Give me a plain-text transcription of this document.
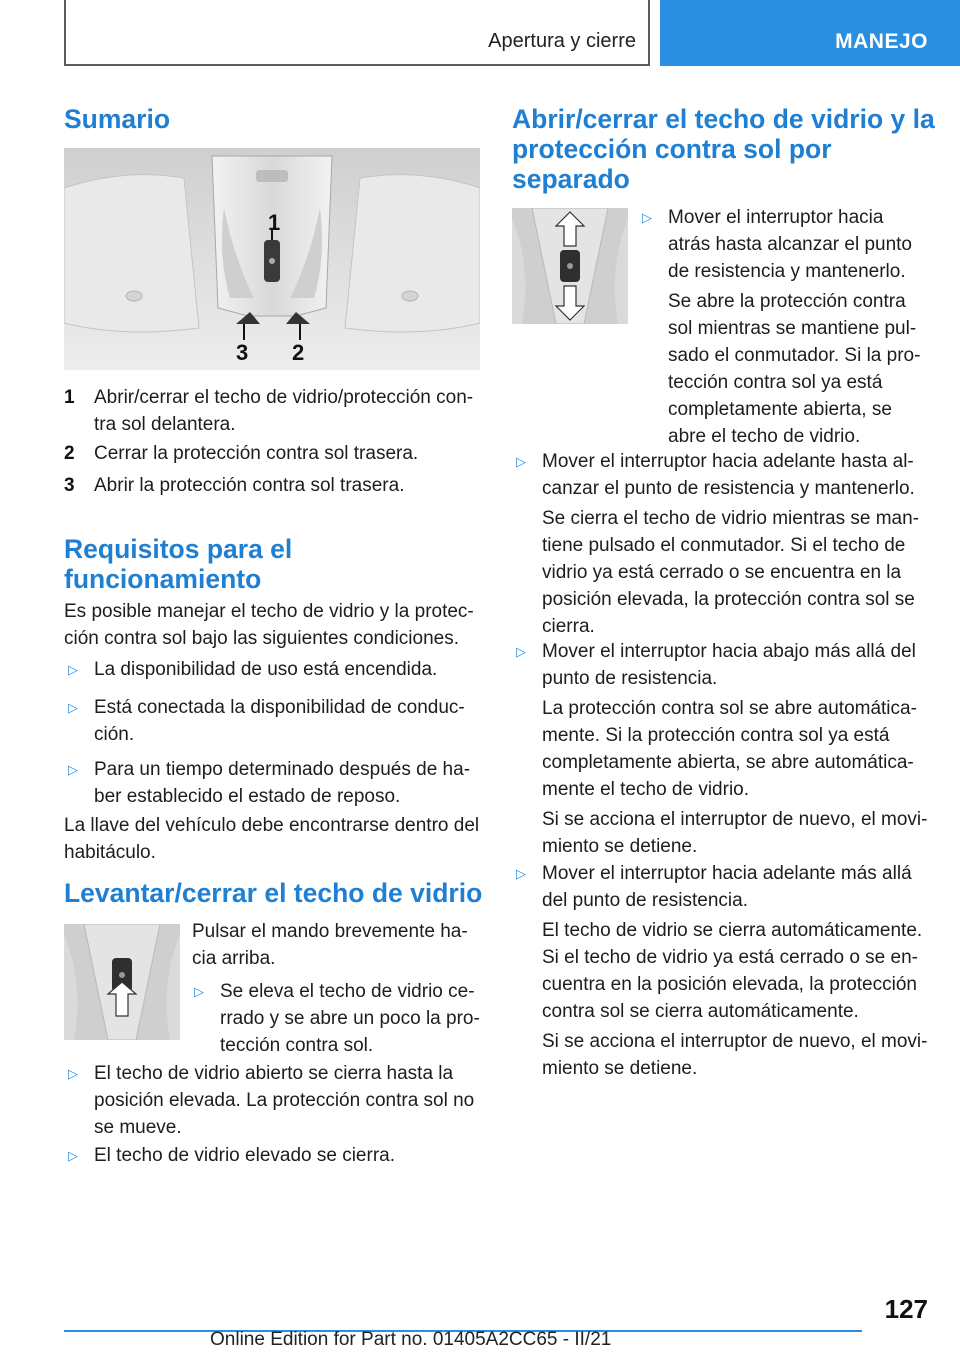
Apertura y cierre	MANEJO
Sumario
1
2
3
1 Abrir/cerrar el techo de vidrio/protección con-
tra sol delantera.
2 Cerrar la protección contra sol trasera.
3 Abrir la protección contra sol trasera.
Requisitos para el
funcionamiento
Es posible manejar el techo de vidrio y la protec-
ción contra sol bajo las siguientes condiciones.
▷ La disponibilidad de uso está encendida.
▷ Está conectada la disponibilidad de conduc-
ción.
▷ Para un tiempo determinado después de ha-
ber establecido el estado de reposo.
La llave del vehículo debe encontrarse dentro del
habitáculo.
Levantar/cerrar el techo de vidrio
Pulsar el mando brevemente ha-
cia arriba.
▷ Se eleva el techo de vidrio ce-
rrado y se abre un poco la pro-
tección contra sol.
▷ El techo de vidrio abierto se cierra hasta la
posición elevada. La protección contra sol no
se mueve.
▷ El techo de vidrio elevado se cierra.
Abrir/cerrar el techo de vidrio y la
protección contra sol por
separado
▷ Mover el interruptor hacia
atrás hasta alcanzar el punto
de resistencia y mantenerlo.
Se abre la protección contra
sol mientras se mantiene pul-
sado el conmutador. Si la pro-
tección contra sol ya está
completamente abierta, se
abre el techo de vidrio.
▷ Mover el interruptor hacia adelante hasta al-
canzar el punto de resistencia y mantenerlo.
Se cierra el techo de vidrio mientras se man-
tiene pulsado el conmutador. Si el techo de
vidrio ya está cerrado o se encuentra en la
posición elevada, la protección contra sol se
cierra.
▷ Mover el interruptor hacia abajo más allá del
punto de resistencia.
La protección contra sol se abre automática-
mente. Si la protección contra sol ya está
completamente abierta, se abre automática-
mente el techo de vidrio.
Si se acciona el interruptor de nuevo, el movi-
miento se detiene.
▷ Mover el interruptor hacia adelante más allá
del punto de resistencia.
El techo de vidrio se cierra automáticamente.
Si el techo de vidrio ya está cerrado o se en-
cuentra en la posición elevada, la protección
contra sol se cierra automáticamente.
Si se acciona el interruptor de nuevo, el movi-
miento se detiene.
127
Online Edition for Part no. 01405A2CC65 - II/21
